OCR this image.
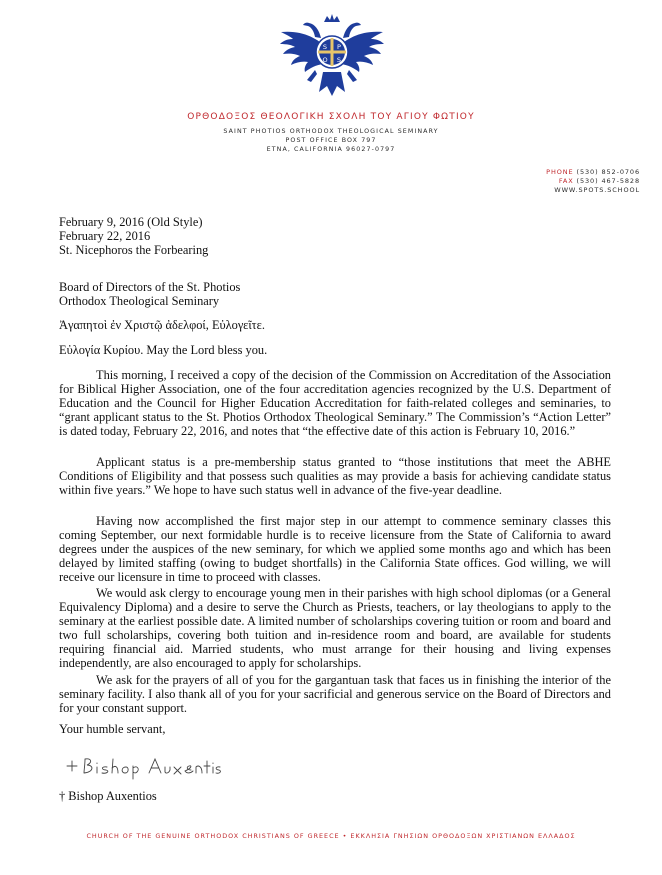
S P
O S
ΟΡΘΟΔΟΞΟΣ ΘΕΟΛΟΓΙΚΗ ΣΧΟΛΗ ΤΟΥ ΑΓΙΟΥ ΦΩΤΙΟΥ
SAINT PHOTIOS ORTHODOX THEOLOGICAL SEMINARY
POST OFFICE BOX 797
ETNA, CALIFORNIA 96027-0797
PHONE (530) 852-0706
FAX (530) 467-5828
WWW.SPOTS.SCHOOL
February 9, 2016 (Old Style)
February 22, 2016
St. Nicephoros the Forbearing
Board of Directors of the St. Photios
Orthodox Theological Seminary
Ἀγαπητοὶ ἐν Χριστῷ ἀδελφοί, Εὐλογεῖτε.
Εὐλογία Κυρίου. May the Lord bless you.
This morning, I received a copy of the decision of the Commission on Accreditation of the Association for Biblical Higher Association, one of the four accreditation agencies recognized by the U.S. Department of Education and the Council for Higher Education Accreditation for faith-related colleges and seminaries, to “grant applicant status to the St. Photios Orthodox Theological Seminary.” The Commission’s “Action Letter” is dated today, February 22, 2016, and notes that “the effective date of this action is February 10, 2016.”
Applicant status is a pre-membership status granted to “those institutions that meet the ABHE Conditions of Eligibility and that possess such qualities as may provide a basis for achieving candidate status within five years.” We hope to have such status well in advance of the five-year deadline.
Having now accomplished the first major step in our attempt to commence seminary classes this coming September, our next formidable hurdle is to receive licensure from the State of California to award degrees under the auspices of the new seminary, for which we applied some months ago and which has been delayed by limited staffing (owing to budget shortfalls) in the California State offices. God willing, we will receive our licensure in time to proceed with classes.
We would ask clergy to encourage young men in their parishes with high school diplomas (or a General Equivalency Diploma) and a desire to serve the Church as Priests, teachers, or lay theologians to apply to the seminary at the earliest possible date. A limited number of scholarships covering tuition or room and board and two full scholarships, covering both tuition and in-residence room and board, are available for students requiring financial aid. Married students, who must arrange for their housing and living expenses independently, are also encouraged to apply for scholarships.
We ask for the prayers of all of you for the gargantuan task that faces us in finishing the interior of the seminary facility. I also thank all of you for your sacrificial and generous service on the Board of Directors and for your constant support.
Your humble servant,
† Bishop Auxentios
CHURCH OF THE GENUINE ORTHODOX CHRISTIANS OF GREECE • ΕΚΚΛΗΣΙΑ ΓΝΗΣΙΩΝ ΟΡΘΟΔΟΞΩΝ ΧΡΙΣΤΙΑΝΩΝ ΕΛΛΑΔΟΣ
